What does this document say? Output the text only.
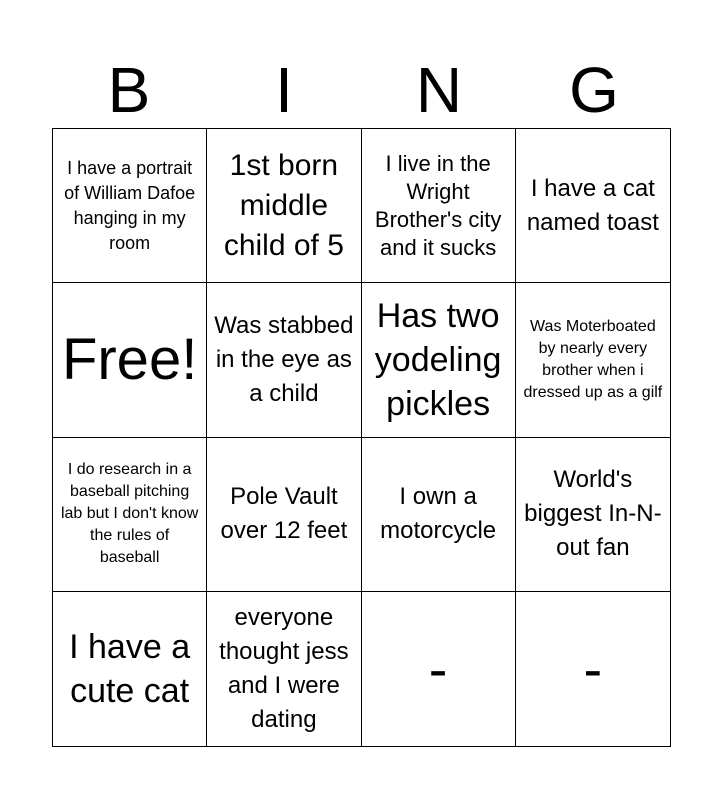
B	I	N	G
I have a portrait of William Dafoe hanging in my room
1st born middle child of 5
I live in the Wright Brother's city and it sucks
I have a cat named toast
Free!
Was stabbed in the eye as a child
Has two yodeling pickles
Was Moterboated by nearly every brother when i dressed up as a gilf
I do research in a baseball pitching lab but I don't know the rules of baseball
Pole Vault over 12 feet
I own a motorcycle
World's biggest In-N-out fan
I have a cute cat
everyone thought jess and I were dating
- -
